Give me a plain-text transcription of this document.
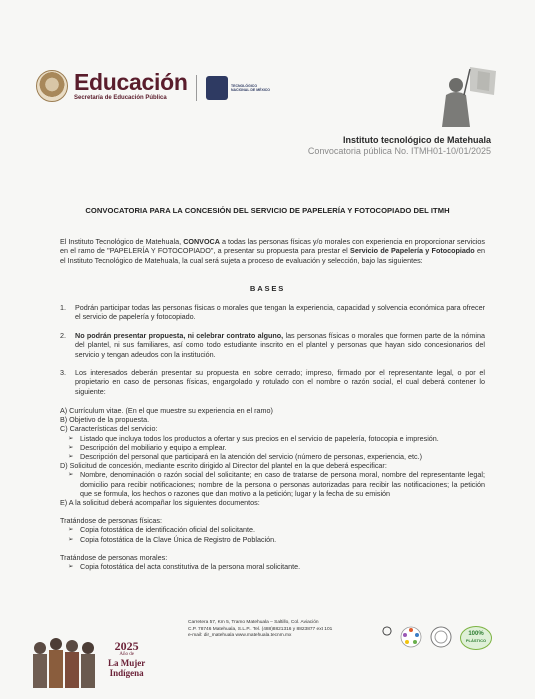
Educación
Secretaría de Educación Pública
TECNOLÓGICO
NACIONAL DE MÉXICO
Instituto tecnológico de Matehuala
Convocatoria pública No. ITMH01-10/01/2025
CONVOCATORIA PARA LA CONCESIÓN DEL SERVICIO DE PAPELERÍA Y FOTOCOPIADO DEL ITMH
El Instituto Tecnológico de Matehuala, CONVOCA a todas las personas físicas y/o morales con experiencia en proporcionar servicios en el ramo de "PAPELERÍA Y FOTOCOPIADO", a presentar su propuesta para prestar el Servicio de Papelería y Fotocopiado en el Instituto Tecnológico de Matehuala, la cual será sujeta a proceso de evaluación y selección, bajo las siguientes:
BASES
1.	Podrán participar todas las personas físicas o morales que tengan la experiencia, capacidad y solvencia económica para ofrecer el servicio de papelería y fotocopiado.
2.	No podrán presentar propuesta, ni celebrar contrato alguno, las personas físicas o morales que formen parte de la nómina del plantel, ni sus familiares, así como todo estudiante inscrito en el plantel y personas que hayan sido concesionarios del servicio y tengan adeudos con la institución.
3.	Los interesados deberán presentar su propuesta en sobre cerrado; impreso, firmado por el representante legal, o por el propietario en caso de personas físicas, engargolado y rotulado con el nombre o razón social, el cual deberá contener lo siguiente:
A) Currículum vitae. (En el que muestre su experiencia en el ramo)
B) Objetivo de la propuesta.
C) Características del servicio:
➢ Listado que incluya todos los productos a ofertar y sus precios en el servicio de papelería, fotocopia e impresión.
➢ Descripción del mobiliario y equipo a emplear.
➢ Descripción del personal que participará en la atención del servicio (número de personas, experiencia, etc.)
D) Solicitud de concesión, mediante escrito dirigido al Director del plantel en la que deberá especificar:
➢ Nombre, denominación o razón social del solicitante; en caso de tratarse de persona moral, nombre del representante legal; domicilio para recibir notificaciones; nombre de la persona o personas autorizadas para recibir las notificaciones; la petición que se formula, los hechos o razones que dan motivo a la petición; lugar y la fecha de su emisión
E) A la solicitud deberá acompañar los siguientes documentos:
Tratándose de personas físicas:
➢ Copia fotostática de identificación oficial del solicitante.
➢ Copia fotostática de la Clave Única de Registro de Población.
Tratándose de personas morales:
➢ Copia fotostática del acta constitutiva de la persona moral solicitante.
2025
Año de
La Mujer
Indígena
Carretera 57, Km 5, Tramo Matehuala – Saltillo, Col. Aviación
C.P. 78746 Matehuala, S.L.P.. Tel. (488)8821316 y 8823877 ext 101
e-mail: dir_matehuala www.matehuala.tecnm.mx	100%
PLÁSTICO
